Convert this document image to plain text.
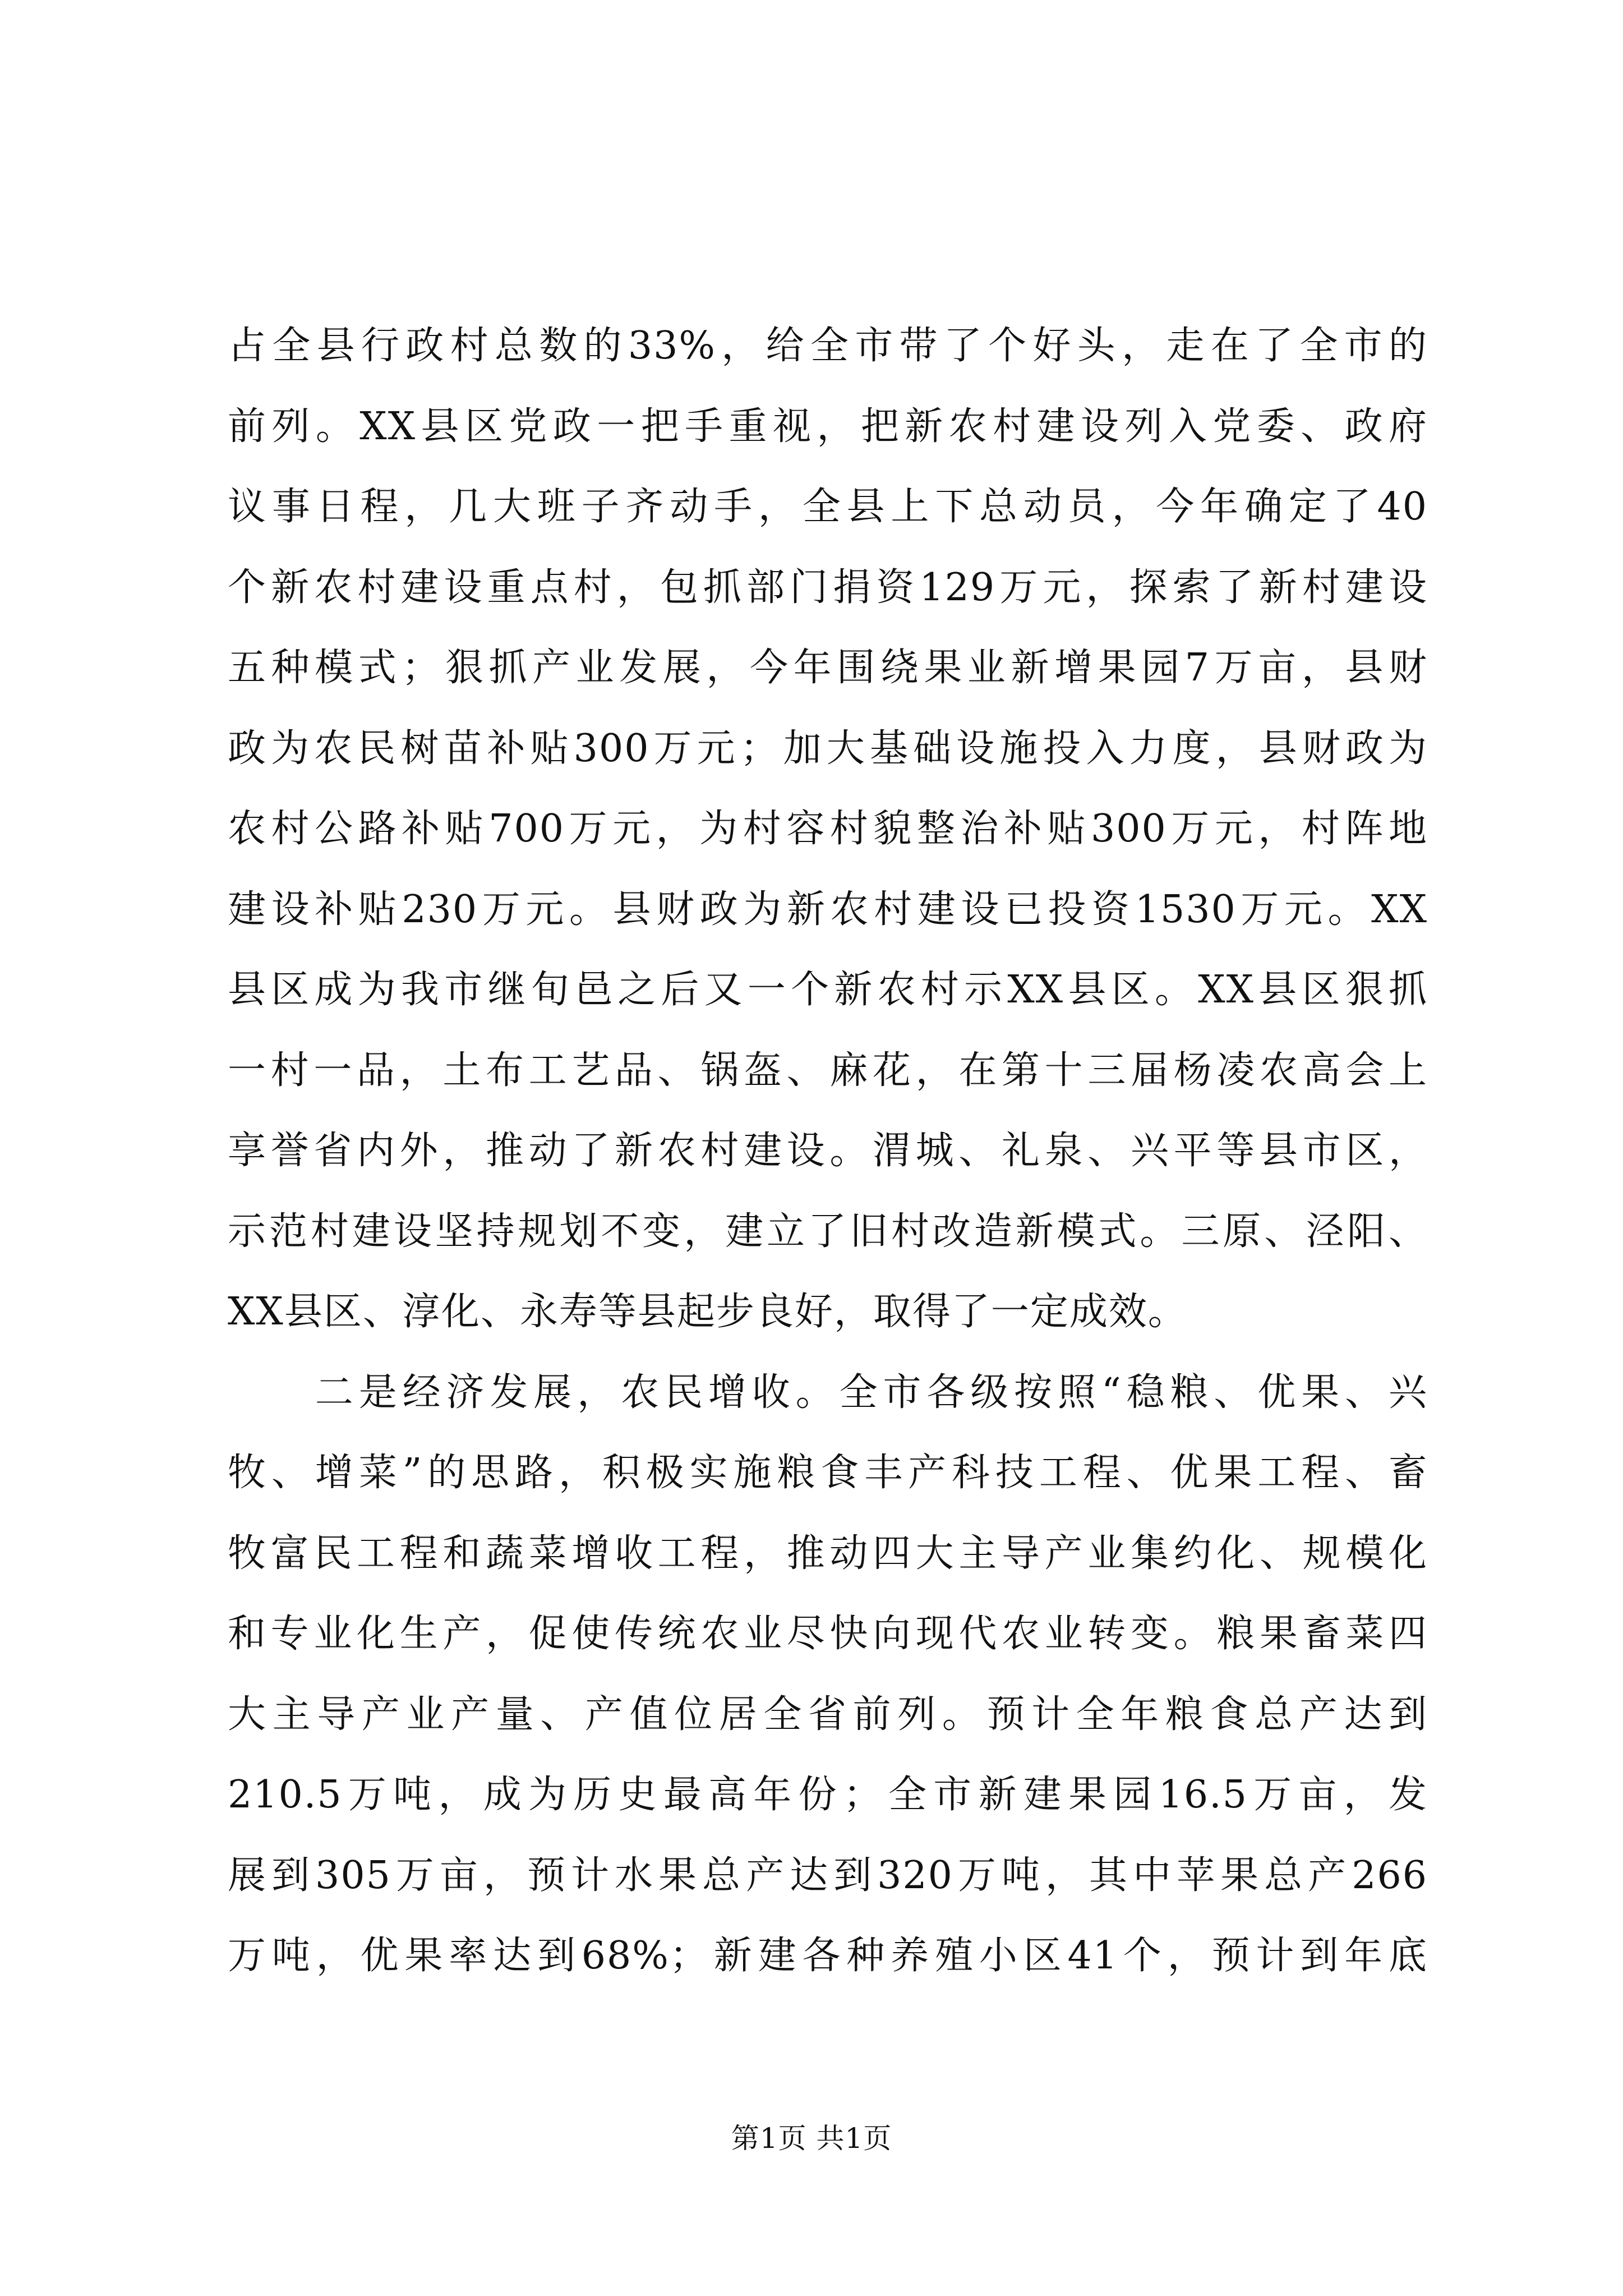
占全县行政村总数的33%，给全市带了个好头，走在了全市的
前列。XX县区党政一把手重视，把新农村建设列入党委、政府
议事日程，几大班子齐动手，全县上下总动员，今年确定了40
个新农村建设重点村，包抓部门捐资129万元，探索了新村建设
五种模式；狠抓产业发展，今年围绕果业新增果园7万亩，县财
政为农民树苗补贴300万元；加大基础设施投入力度，县财政为
农村公路补贴700万元，为村容村貌整治补贴300万元，村阵地
建设补贴230万元。县财政为新农村建设已投资1530万元。XX
县区成为我市继旬邑之后又一个新农村示XX县区。XX县区狠抓
一村一品，土布工艺品、锅盔、麻花，在第十三届杨凌农高会上
享誉省内外，推动了新农村建设。渭城、礼泉、兴平等县市区，
示范村建设坚持规划不变，建立了旧村改造新模式。三原、泾阳、
XX县区、淳化、永寿等县起步良好，取得了一定成效。
　　二是经济发展，农民增收。全市各级按照“稳粮、优果、兴
牧、增菜”的思路，积极实施粮食丰产科技工程、优果工程、畜
牧富民工程和蔬菜增收工程，推动四大主导产业集约化、规模化
和专业化生产，促使传统农业尽快向现代农业转变。粮果畜菜四
大主导产业产量、产值位居全省前列。预计全年粮食总产达到
210.5万吨，成为历史最高年份；全市新建果园16.5万亩，发
展到305万亩，预计水果总产达到320万吨，其中苹果总产266
万吨，优果率达到68%；新建各种养殖小区41个，预计到年底
第1页 共1页
